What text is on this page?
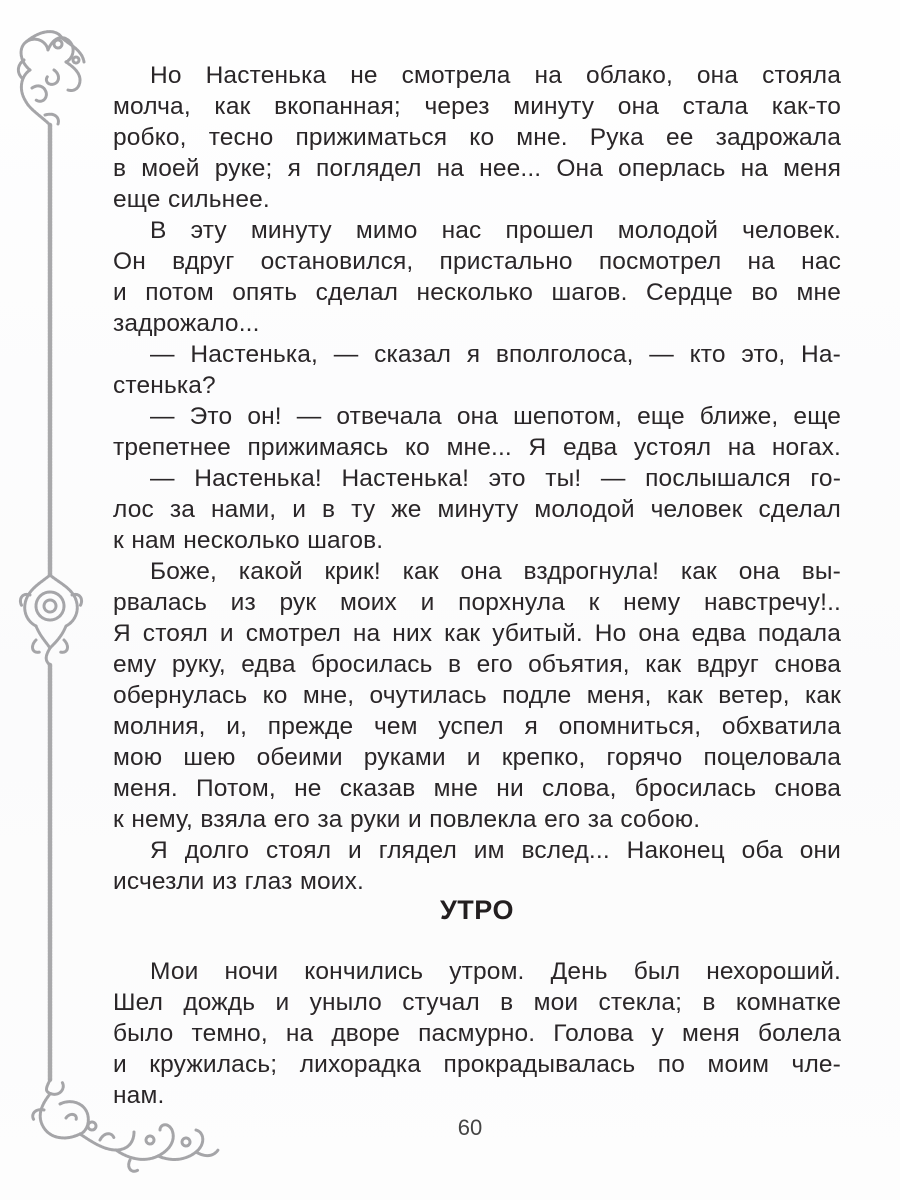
Но Настенька не смотрела на облако, она стояла
молча, как вкопанная; через минуту она стала как-то
робко, тесно прижиматься ко мне. Рука ее задрожала
в моей руке; я поглядел на нее... Она оперлась на меня
еще сильнее.

В эту минуту мимо нас прошел молодой человек.
Он вдруг остановился, пристально посмотрел на нас
и потом опять сделал несколько шагов. Сердце во мне
задрожало...

— Настенька, — сказал я вполголоса, — кто это, На-
стенька?

— Это он! — отвечала она шепотом, еще ближе, еще
трепетнее прижимаясь ко мне... Я едва устоял на ногах.

— Настенька! Настенька! это ты! — послышался го-
лос за нами, и в ту же минуту молодой человек сделал
к нам несколько шагов.

Боже, какой крик! как она вздрогнула! как она вы-
рвалась из рук моих и порхнула к нему навстречу!..
Я стоял и смотрел на них как убитый. Но она едва подала
ему руку, едва бросилась в его объятия, как вдруг снова
обернулась ко мне, очутилась подле меня, как ветер, как
молния, и, прежде чем успел я опомниться, обхватила
мою шею обеими руками и крепко, горячо поцеловала
меня. Потом, не сказав мне ни слова, бросилась снова
к нему, взяла его за руки и повлекла его за собою.

Я долго стоял и глядел им вслед... Наконец оба они
исчезли из глаз моих.

УТРО

Мои ночи кончились утром. День был нехороший.
Шел дождь и уныло стучал в мои стекла; в комнатке
было темно, на дворе пасмурно. Голова у меня болела
и кружилась; лихорадка прокрадывалась по моим чле-
нам.

60
